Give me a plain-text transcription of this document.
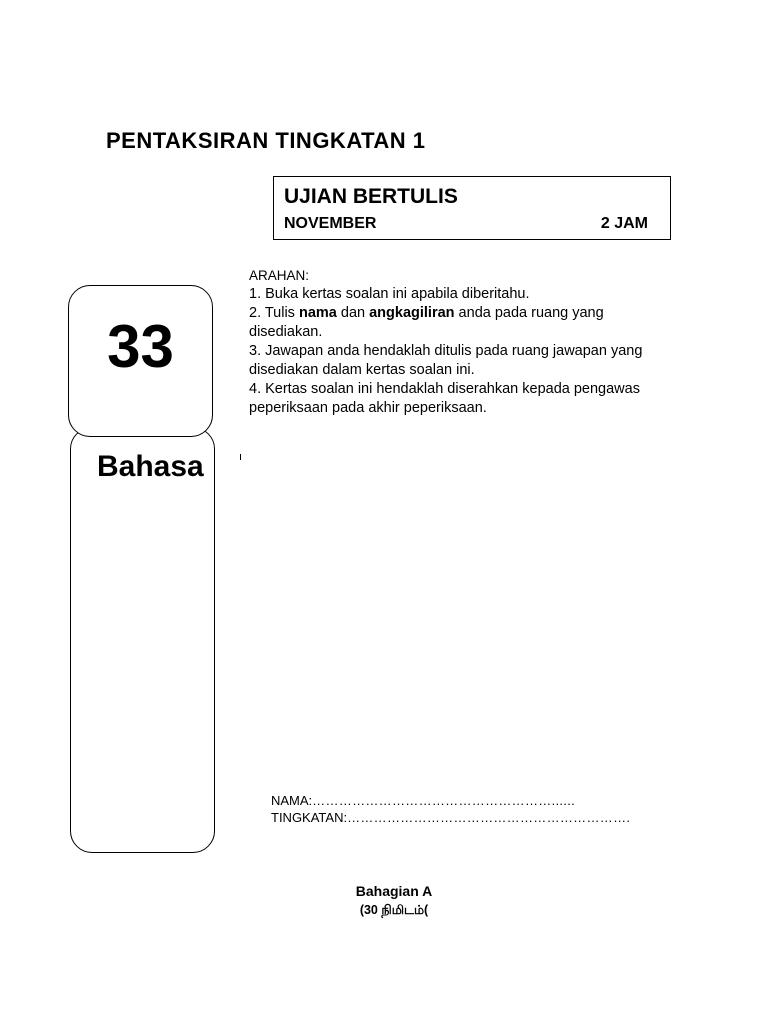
PENTAKSIRAN TINGKATAN 1
UJIAN BERTULIS
NOVEMBER	2 JAM
Bahasa
33

ARAHAN:

1. Buka kertas soalan ini apabila diberitahu.

2. Tulis nama dan angkagiliran anda pada ruang yang disediakan.

3. Jawapan anda hendaklah ditulis pada ruang jawapan yang disediakan dalam kertas soalan ini.

4. Kertas soalan ini hendaklah diserahkan kepada pengawas peperiksaan pada akhir peperiksaan.

NAMA:………………………………………………......
TINGKATAN:……………………………………………………….
Bahagian A
(30 நிமிடம்(
